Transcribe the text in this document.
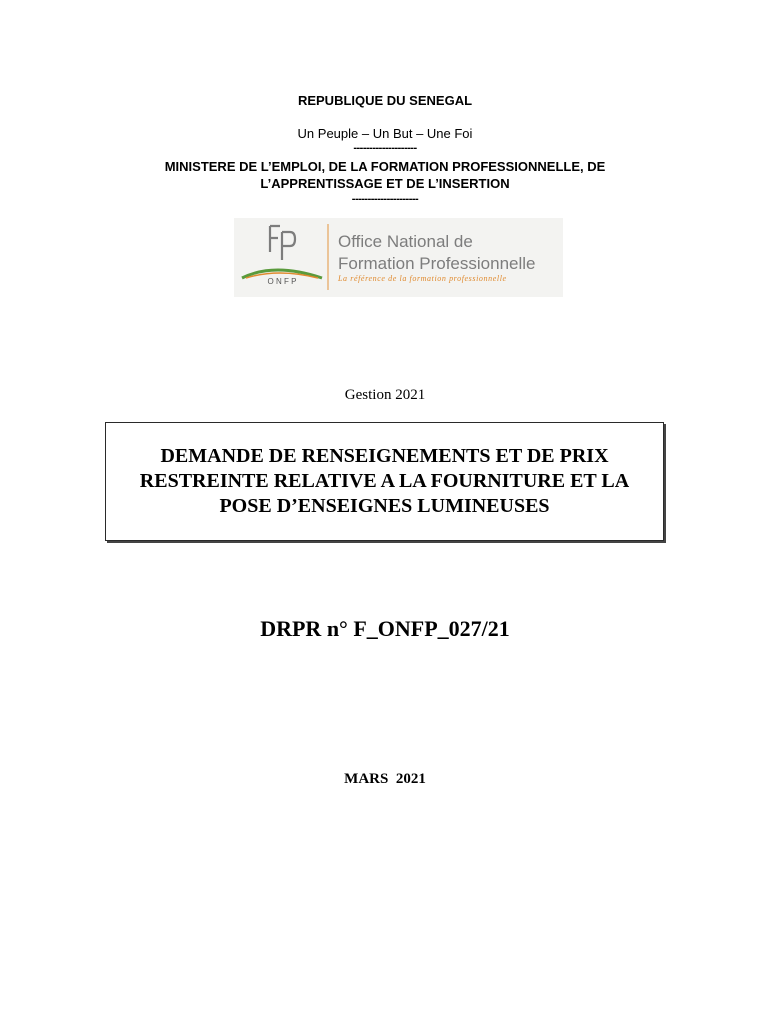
REPUBLIQUE DU SENEGAL
Un Peuple – Un But – Une Foi
--------------------
MINISTERE DE L’EMPLOI, DE LA FORMATION PROFESSIONNELLE, DE
L’APPRENTISSAGE ET DE L’INSERTION
---------------------
O N F P
Office National de
Formation Professionnelle
La référence de la formation professionnelle
Gestion 2021
DEMANDE DE RENSEIGNEMENTS ET DE PRIX
RESTREINTE RELATIVE A LA FOURNITURE ET LA
POSE D’ENSEIGNES LUMINEUSES
DRPR n° F_ONFP_027/21
MARS  2021
